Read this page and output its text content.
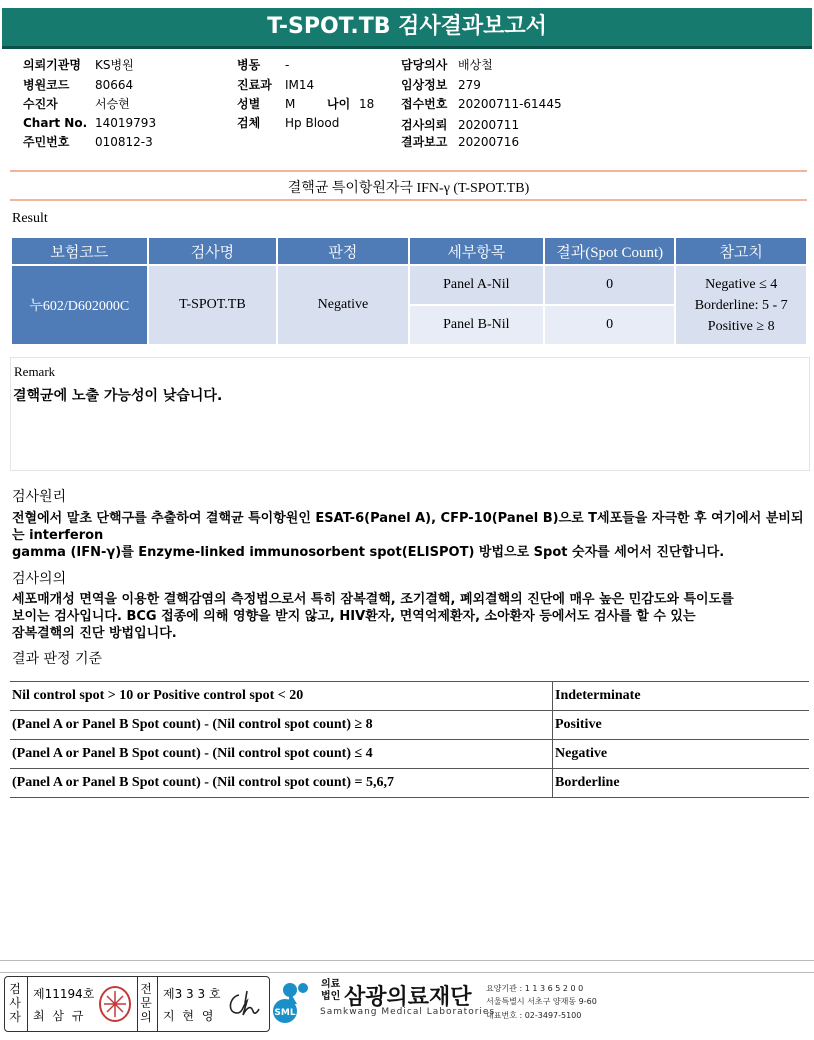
T-SPOT.TB 검사결과보고서
의뢰기관명 KS병원
병원코드 80664
수진자	서승현
Chart No. 14019793
주민번호 010812-3
병동 -
진료과 IM14
성별 M	나이 18
검체 Hp Blood
담당의사 배상철
임상정보 279
접수번호 20200711-61445
검사의뢰 20200711
결과보고 20200716
결핵균 특이항원자극 IFN-γ (T-SPOT.TB)
Result
보험코드	검사명	판정	세부항목	결과(Spot Count)	참고치
누602/D602000C	T-SPOT.TB	Negative	Panel A-Nil	0	Negative ≤ 4
Borderline: 5 - 7
Positive ≥ 8

			Panel B-Nil	0	
Remark
결핵균에 노출 가능성이 낮습니다.
검사원리
전혈에서 말초 단핵구를 추출하여 결핵균 특이항원인 ESAT-6(Panel A), CFP-10(Panel B)으로 T세포들을 자극한 후 여기에서 분비되는 interferon
gamma (IFN-γ)를 Enzyme-linked immunosorbent spot(ELISPOT) 방법으로 Spot 숫자를 세어서 진단합니다.
검사의의
세포매개성 면역을 이용한 결핵감염의 측정법으로서 특히 잠복결핵, 조기결핵, 폐외결핵의 진단에 매우 높은 민감도와 특이도를
보이는 검사입니다. BCG 접종에 의해 영향을 받지 않고, HIV환자, 면역억제환자, 소아환자 등에서도 검사를 할 수 있는
잠복결핵의 진단 방법입니다.
결과 판정 기준
Nil control spot > 10 or Positive control spot < 20	Indeterminate
(Panel A or Panel B Spot count) - (Nil control spot count) ≥ 8	Positive
(Panel A or Panel B Spot count) - (Nil control spot count) ≤ 4	Negative
(Panel A or Panel B Spot count) - (Nil control spot count) = 5,6,7	Borderline
검
사
자
제11194호
최 삼 규
전
문
의
제3 3 3 호
지 현 영	SML
의료
법인 삼광의료재단
Samkwang Medical Laboratories
요양기관 : 1 1 3 6 5 2 0 0
서울특별시 서초구 양재동 9-60
대표번호 : 02-3497-5100
